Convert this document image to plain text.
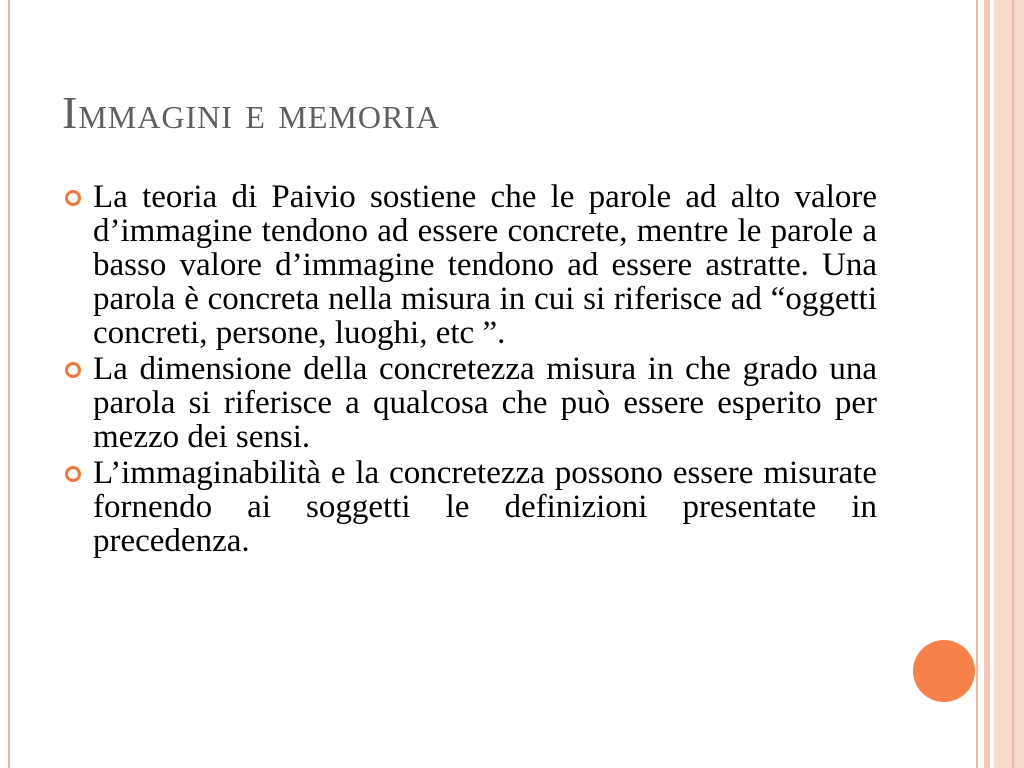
Immagini e memoria
La teoria di Paivio sostiene che le parole ad alto valore d’immagine tendono ad essere concrete, mentre le parole a basso valore d’immagine tendono ad essere astratte. Una parola è concreta nella misura in cui si riferisce ad “oggetti concreti, persone, luoghi, etc ”.
La dimensione della concretezza misura in che grado una parola si riferisce a qualcosa che può essere esperito per mezzo dei sensi.
L’immaginabilità e la concretezza possono essere misurate fornendo ai soggetti le definizioni presentate in precedenza.
